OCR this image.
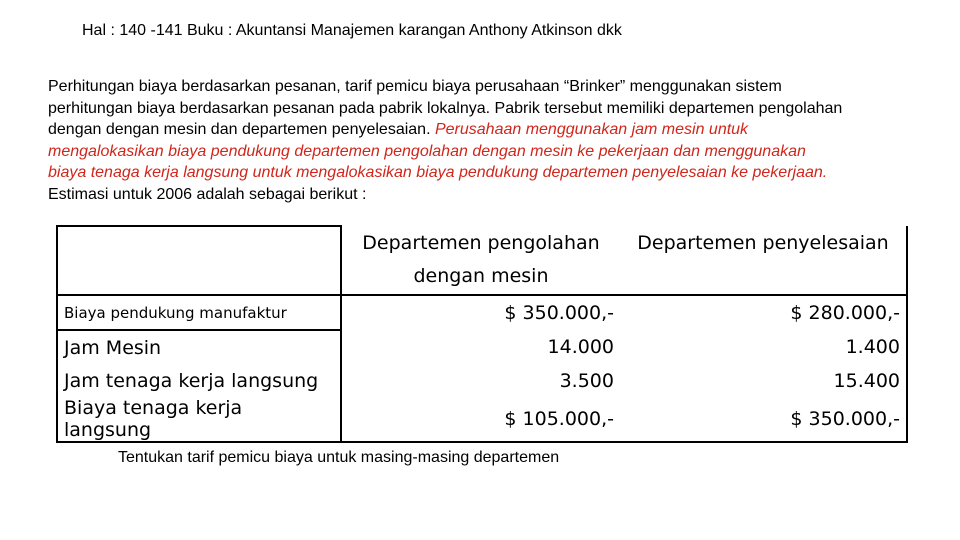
Hal : 140 -141 Buku : Akuntansi Manajemen karangan Anthony Atkinson dkk
Perhitungan biaya berdasarkan pesanan, tarif pemicu biaya perusahaan “Brinker” menggunakan sistem perhitungan biaya berdasarkan pesanan pada pabrik lokalnya. Pabrik tersebut memiliki departemen pengolahan dengan dengan mesin dan departemen penyelesaian. Perusahaan menggunakan jam mesin untuk mengalokasikan biaya pendukung departemen pengolahan dengan mesin ke pekerjaan dan menggunakan biaya tenaga kerja langsung untuk mengalokasikan biaya pendukung departemen penyelesaian ke pekerjaan. Estimasi untuk 2006 adalah sebagai berikut :
	Departemen pengolahan dengan mesin	Departemen penyelesaian
Biaya pendukung manufaktur	$ 350.000,-	$ 280.000,-
Jam Mesin	14.000	1.400
Jam tenaga kerja langsung	3.500	15.400
Biaya tenaga kerja langsung	$ 105.000,-	$ 350.000,-
Tentukan tarif pemicu biaya untuk masing-masing departemen
